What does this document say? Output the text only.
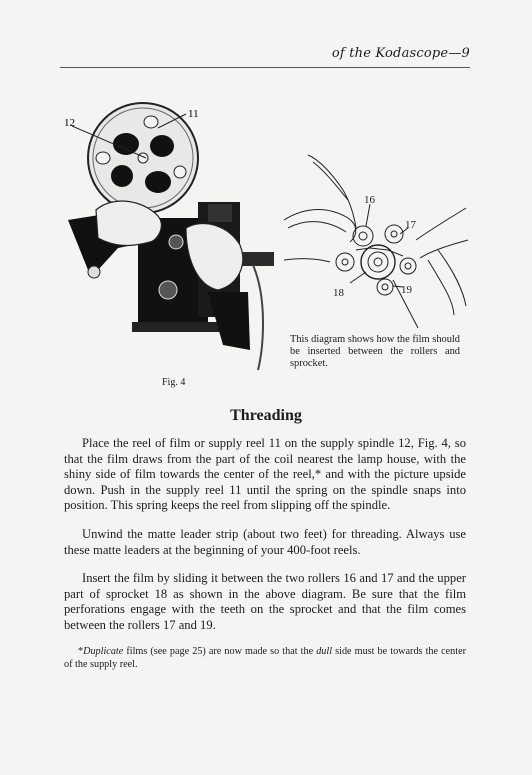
of the Kodascope—9
12
11
16
17
18	19
This diagram shows how the film should be inserted between the rollers and sprocket.
Fig. 4
Threading

Place the reel of film or supply reel 11 on the supply spindle 12, Fig. 4, so that the film draws from the part of the coil nearest the lamp house, with the shiny side of film towards the center of the reel,* and with the picture upside down. Push in the supply reel 11 until the spring on the spindle snaps into position. This spring keeps the reel from slipping off the spindle.

Unwind the matte leader strip (about two feet) for threading. Always use these matte leaders at the beginning of your 400-foot reels.

Insert the film by sliding it between the two rollers 16 and 17 and the upper part of sprocket 18 as shown in the above diagram. Be sure that the film perforations engage with the teeth on the sprocket and that the film comes between the rollers 17 and 19.

*Duplicate films (see page 25) are now made so that the dull side must be towards the center of the supply reel.
